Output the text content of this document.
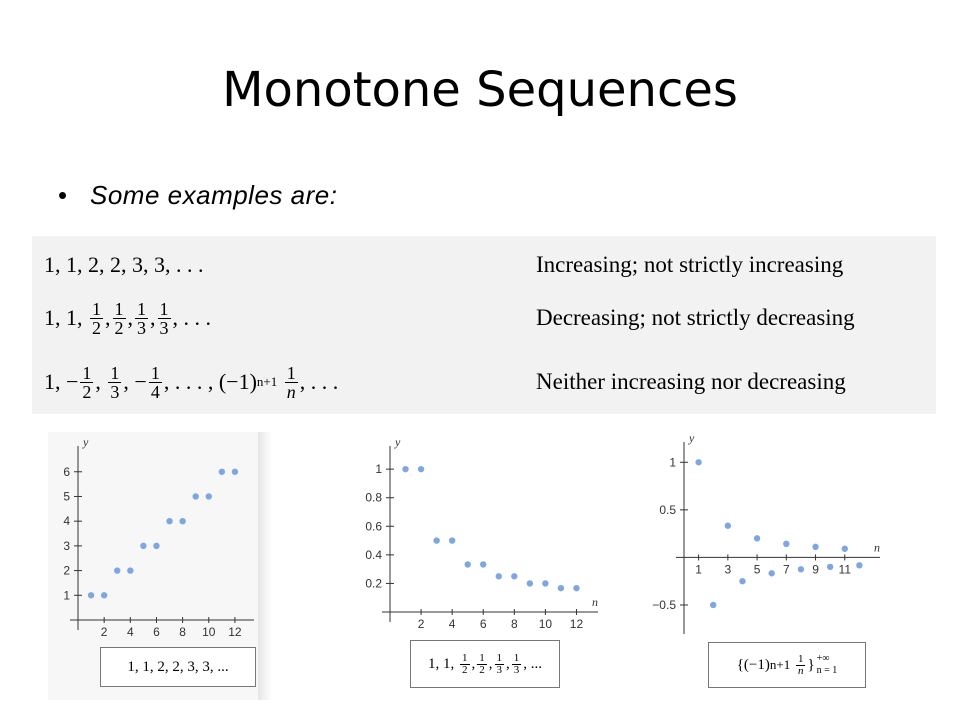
Monotone Sequences
• Some examples are:
1, 1, 2, 2, 3, 3, . . .	Increasing; not strictly increasing
1, 1,
$\frac{1}{2}$ , $\frac{1}{2}$ , $\frac{1}{3}$ , $\frac{1}{3}$ , . . .	Decreasing; not strictly decreasing
1, − $\frac{1}{2}$ , $\frac{1}{3}$ , − $\frac{1}{4}$ , . . . , (−1) n+1
$\frac{1}{n}$ , . . .	Neither increasing nor decreasing
y
1
2
3
4
5
6
2 4 6 8 10 12
1, 1, 2, 2, 3, 3, ...
y
n
0.2
0.4
0.6
0.8
1
2 4 6 8 10 12
1, 1,
$\frac{1}{2}$ , $\frac{1}{2}$ , $\frac{1}{3}$ , $\frac{1}{3}$ , ...
y
n
−0.5
0.5
1
1 3 5 7 9 11
{(−1) n+1
$\frac{1}{n}$ } +∞
n = 1
